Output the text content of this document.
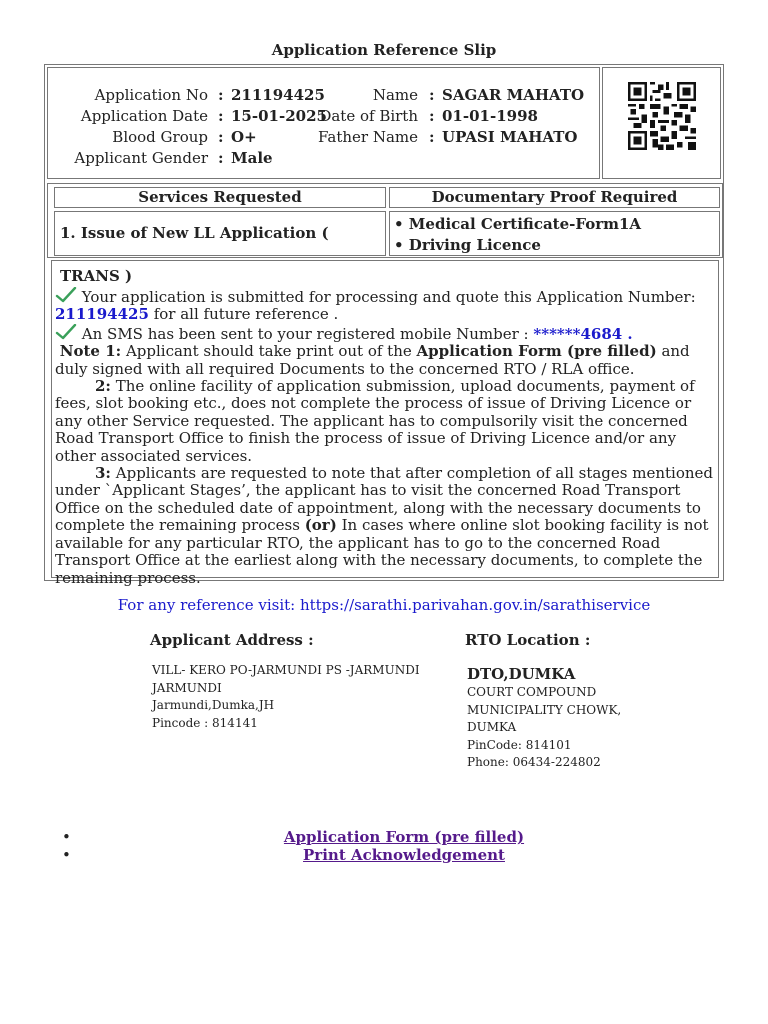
Application Reference Slip
Application No : 211194425
Application Date : 15-01-2025
Blood Group : O+
Applicant Gender : Male
Name : SAGAR MAHATO
Date of Birth : 01-01-1998
Father Name : UPASI MAHATO
Services Requested	Documentary Proof Required
1. Issue of New LL Application ( TRANS )
• Medical Certificate-Form1A
• Driving Licence
Your application is submitted for processing and quote this Application Number:
211194425 for all future reference .
An SMS has been sent to your registered mobile Number : ******4684 .
Note 1: Applicant should take print out of the Application Form (pre filled) and duly signed with all required Documents to the concerned RTO / RLA office.
2: The online facility of application submission, upload documents, payment of fees, slot booking etc., does not complete the process of issue of Driving Licence or any other Service requested. The applicant has to compulsorily visit the concerned Road Transport Office to finish the process of issue of Driving Licence and/or any other associated services.
3: Applicants are requested to note that after completion of all stages mentioned under `Applicant Stages’, the applicant has to visit the concerned Road Transport Office on the scheduled date of appointment, along with the necessary documents to complete the remaining process (or) In cases where online slot booking facility is not available for any particular RTO, the applicant has to go to the concerned Road Transport Office at the earliest along with the necessary documents, to complete the remaining process.
For any reference visit: https://sarathi.parivahan.gov.in/sarathiservice
Applicant Address :
VILL- KERO PO-JARMUNDI PS -JARMUNDI
JARMUNDI
Jarmundi,Dumka,JH
Pincode : 814141
RTO Location :
DTO,DUMKA
COURT COMPOUND
MUNICIPALITY CHOWK,
DUMKA
PinCode: 814101
Phone: 06434-224802
•	Application Form (pre filled)
•	Print Acknowledgement
